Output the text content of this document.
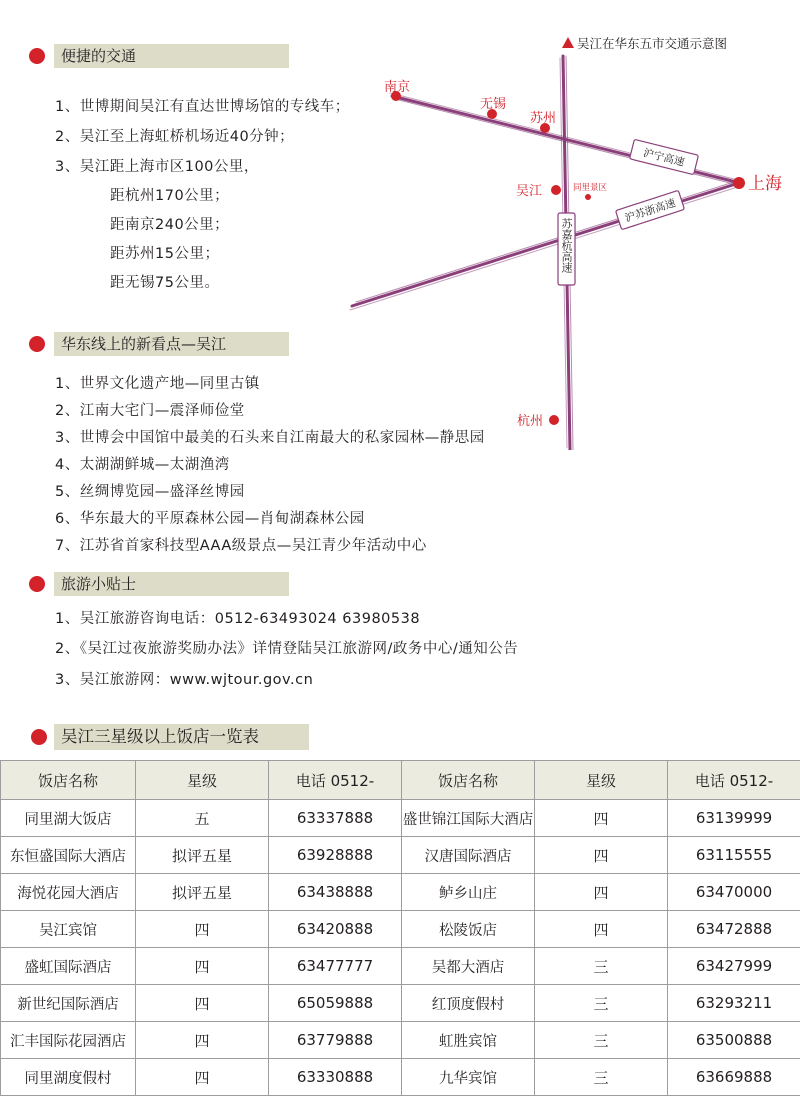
便捷的交通
1、世博期间吴江有直达世博场馆的专线车；
2、吴江至上海虹桥机场近40分钟；
3、吴江距上海市区100公里，
距杭州170公里；
距南京240公里；
距苏州15公里；
距无锡75公里。
吴江在华东五市交通示意图
沪宁高速
沪苏浙高速
苏嘉杭高速
南京
无锡
苏州
吴江	同里景区	上海
杭州
华东线上的新看点—吴江
1、世界文化遗产地—同里古镇
2、江南大宅门—震泽师俭堂
3、世博会中国馆中最美的石头来自江南最大的私家园林—静思园
4、太湖湖鲜城—太湖渔湾
5、丝绸博览园—盛泽丝博园
6、华东最大的平原森林公园—肖甸湖森林公园
7、江苏省首家科技型AAA级景点—吴江青少年活动中心
旅游小贴士
1、吴江旅游咨询电话：0512-63493024 63980538
2、《吴江过夜旅游奖励办法》详情登陆吴江旅游网/政务中心/通知公告
3、吴江旅游网：www.wjtour.gov.cn
吴江三星级以上饭店一览表
饭店名称	星级	电话 0512-	饭店名称	星级	电话 0512-
同里湖大饭店	五	63337888	盛世锦江国际大酒店	四	63139999
东恒盛国际大酒店	拟评五星	63928888	汉唐国际酒店	四	63115555
海悦花园大酒店	拟评五星	63438888	鲈乡山庄	四	63470000
吴江宾馆	四	63420888	松陵饭店	四	63472888
盛虹国际酒店	四	63477777	吴都大酒店	三	63427999
新世纪国际酒店	四	65059888	红顶度假村	三	63293211
汇丰国际花园酒店	四	63779888	虹胜宾馆	三	63500888
同里湖度假村	四	63330888	九华宾馆	三	63669888
